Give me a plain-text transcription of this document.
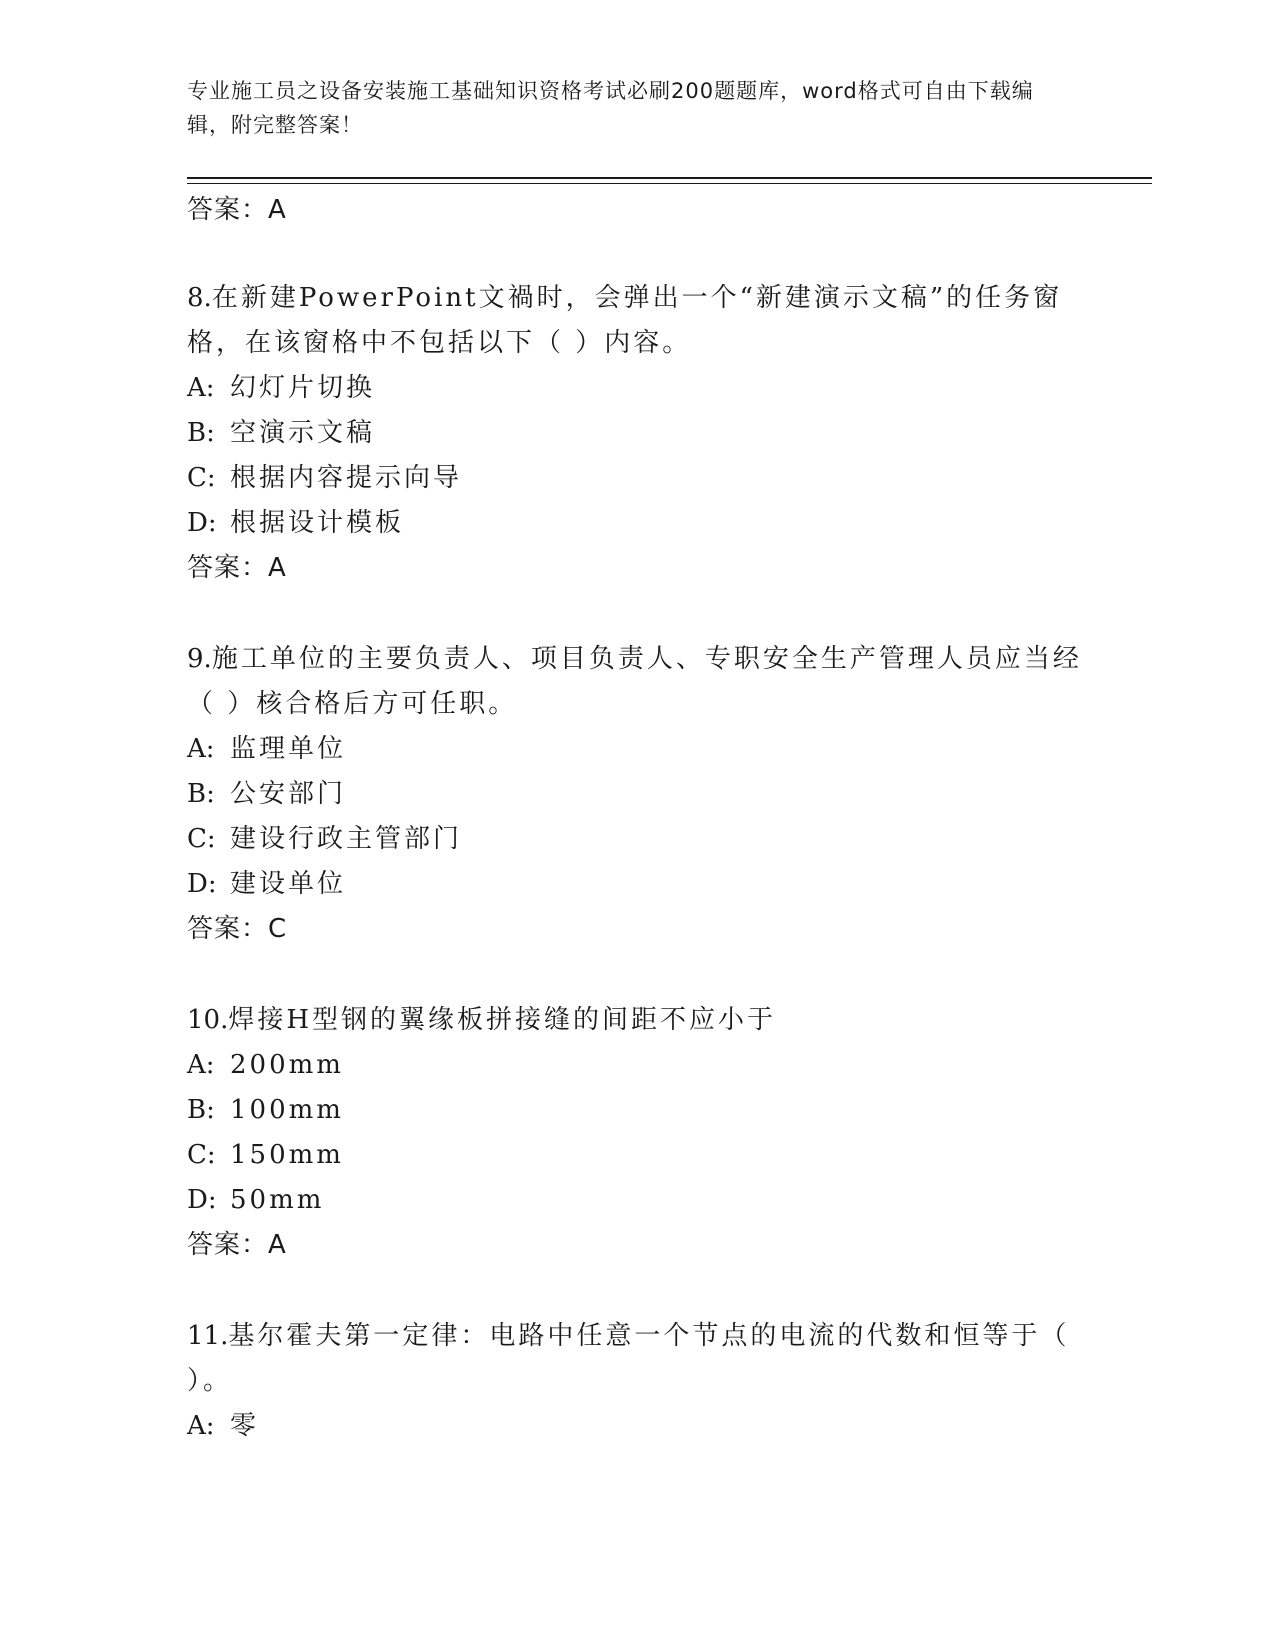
专业施工员之设备安装施工基础知识资格考试必刷200题题库，word格式可自由下载编辑，附完整答案！

答案：A

8.在新建PowerPoint文禍时，会弹出一个“新建演示文稿”的任务窗格，在该窗格中不包括以下（ ）内容。

A: 幻灯片切换

B: 空演示文稿

C: 根据内容提示向导

D: 根据设计模板

答案：A

9.施工单位的主要负责人、项目负责人、专职安全生产管理人员应当经（ ）核合格后方可任职。

A: 监理单位

B: 公安部门

C: 建设行政主管部门

D: 建设单位

答案：C

10.焊接H型钢的翼缘板拼接缝的间距不应小于

A: 200mm

B: 100mm

C: 150mm

D: 50mm

答案：A

11.基尔霍夫第一定律：电路中任意一个节点的电流的代数和恒等于（ ）。

A: 零
